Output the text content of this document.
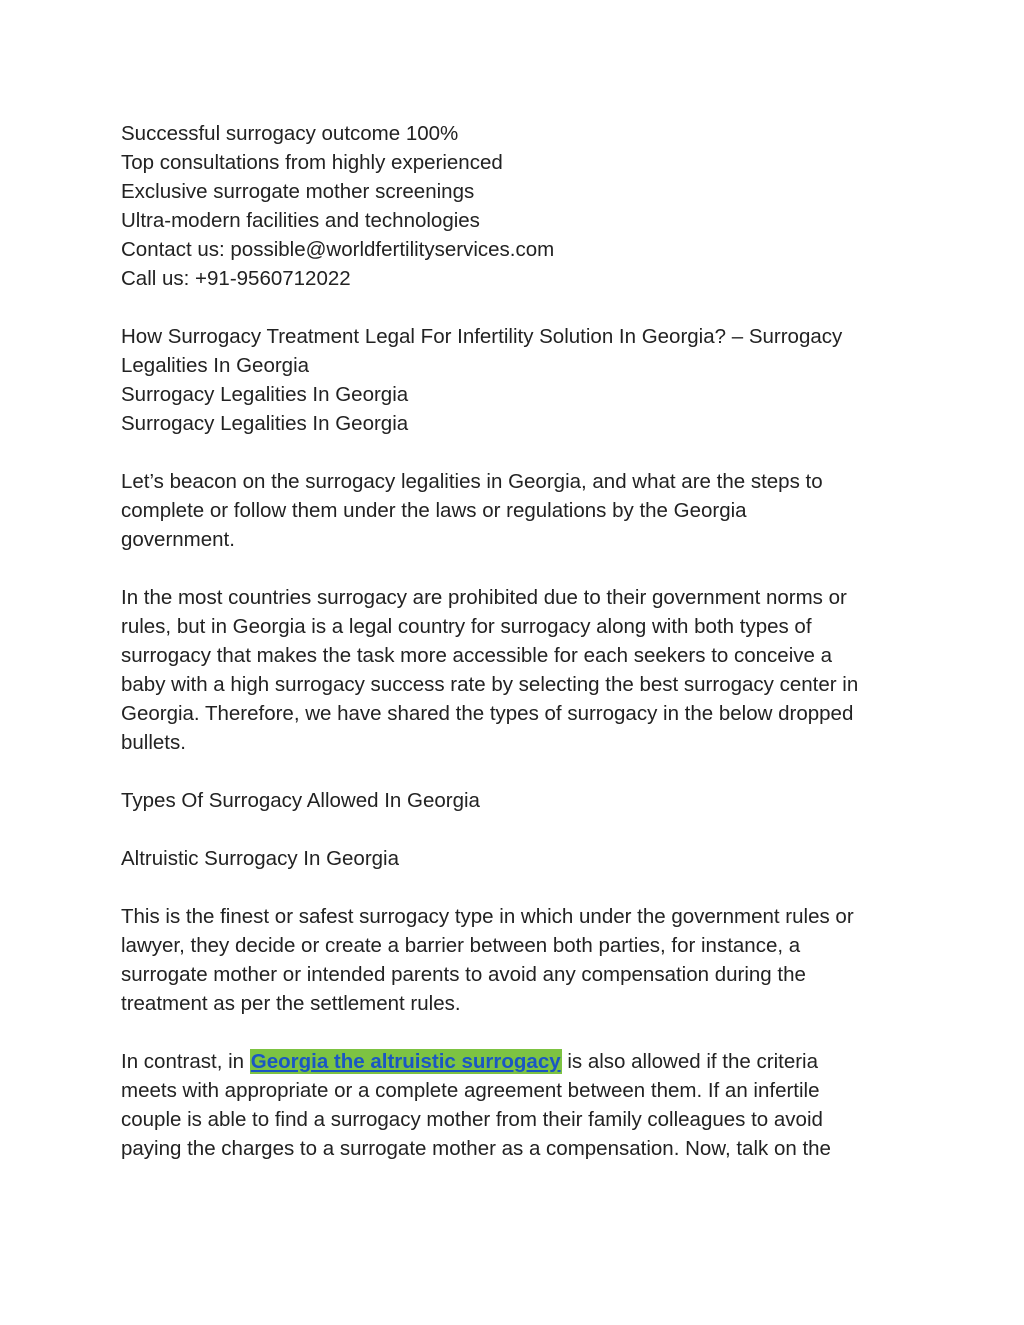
Successful surrogacy outcome 100%
Top consultations from highly experienced
Exclusive surrogate mother screenings
Ultra-modern facilities and technologies
Contact us: possible@worldfertilityservices.com
Call us: +91-9560712022
How Surrogacy Treatment Legal For Infertility Solution In Georgia? – Surrogacy
Legalities In Georgia
Surrogacy Legalities In Georgia
Surrogacy Legalities In Georgia
Let’s beacon on the surrogacy legalities in Georgia, and what are the steps to
complete or follow them under the laws or regulations by the Georgia
government.
In the most countries surrogacy are prohibited due to their government norms or
rules, but in Georgia is a legal country for surrogacy along with both types of
surrogacy that makes the task more accessible for each seekers to conceive a
baby with a high surrogacy success rate by selecting the best surrogacy center in
Georgia. Therefore, we have shared the types of surrogacy in the below dropped
bullets.
Types Of Surrogacy Allowed In Georgia
Altruistic Surrogacy In Georgia
This is the finest or safest surrogacy type in which under the government rules or
lawyer, they decide or create a barrier between both parties, for instance, a
surrogate mother or intended parents to avoid any compensation during the
treatment as per the settlement rules.
In contrast, in Georgia the altruistic surrogacy is also allowed if the criteria
meets with appropriate or a complete agreement between them. If an infertile
couple is able to find a surrogacy mother from their family colleagues to avoid
paying the charges to a surrogate mother as a compensation. Now, talk on the
